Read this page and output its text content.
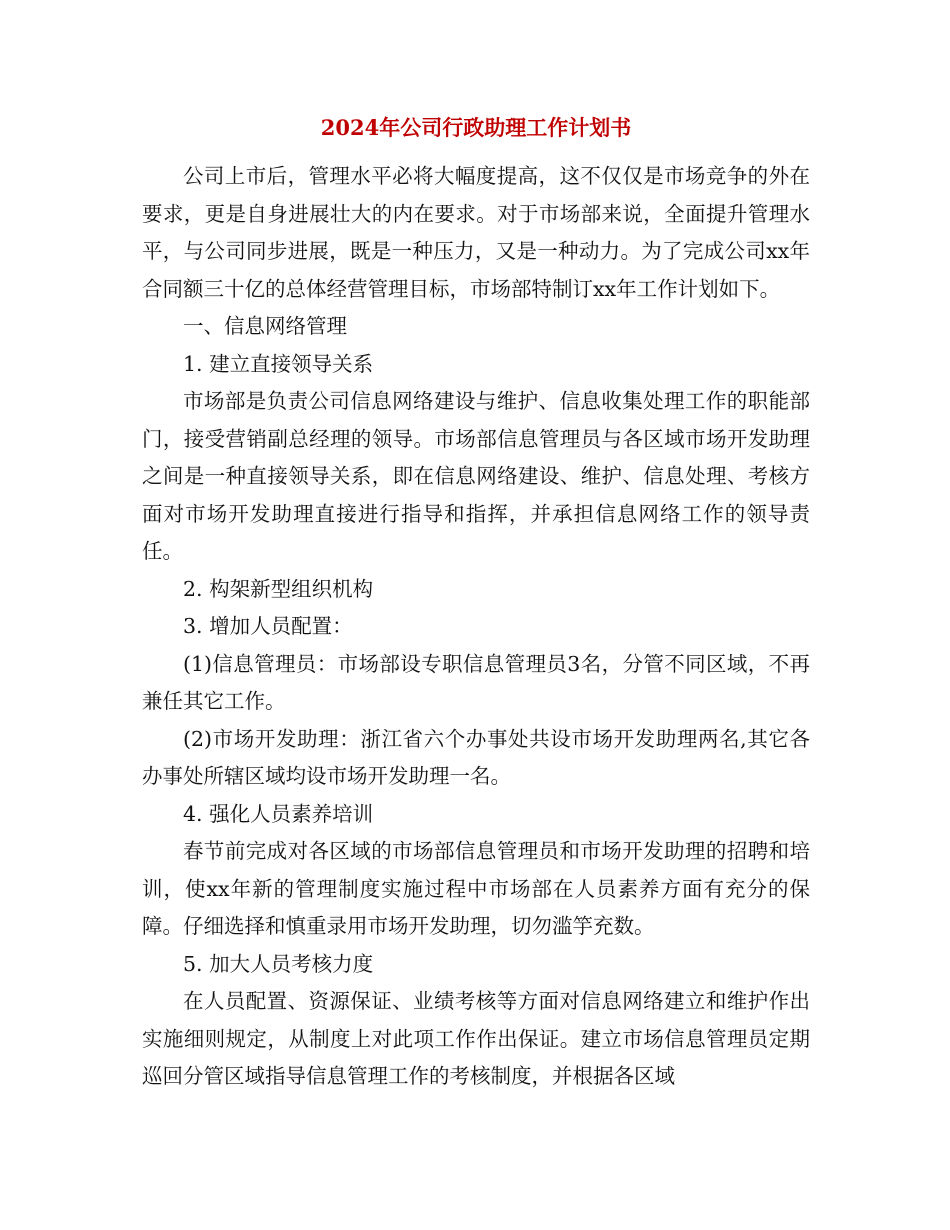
2024年公司行政助理工作计划书

公司上市后，管理水平必将大幅度提高，这不仅仅是市场竞争的外在要求，更是自身进展壮大的内在要求。对于市场部来说，全面提升管理水平，与公司同步进展，既是一种压力，又是一种动力。为了完成公司xx年合同额三十亿的总体经营管理目标，市场部特制订xx年工作计划如下。

一、信息网络管理

1. 建立直接领导关系

市场部是负责公司信息网络建设与维护、信息收集处理工作的职能部门，接受营销副总经理的领导。市场部信息管理员与各区域市场开发助理之间是一种直接领导关系，即在信息网络建设、维护、信息处理、考核方面对市场开发助理直接进行指导和指挥，并承担信息网络工作的领导责任。

2. 构架新型组织机构

3. 增加人员配置：

(1)信息管理员：市场部设专职信息管理员3名，分管不同区域，不再兼任其它工作。

(2)市场开发助理：浙江省六个办事处共设市场开发助理两名,其它各办事处所辖区域均设市场开发助理一名。

4. 强化人员素养培训

春节前完成对各区域的市场部信息管理员和市场开发助理的招聘和培训，使xx年新的管理制度实施过程中市场部在人员素养方面有充分的保障。仔细选择和慎重录用市场开发助理，切勿滥竽充数。

5. 加大人员考核力度

在人员配置、资源保证、业绩考核等方面对信息网络建立和维护作出实施细则规定，从制度上对此项工作作出保证。建立市场信息管理员定期巡回分管区域指导信息管理工作的考核制度，并根据各区域
